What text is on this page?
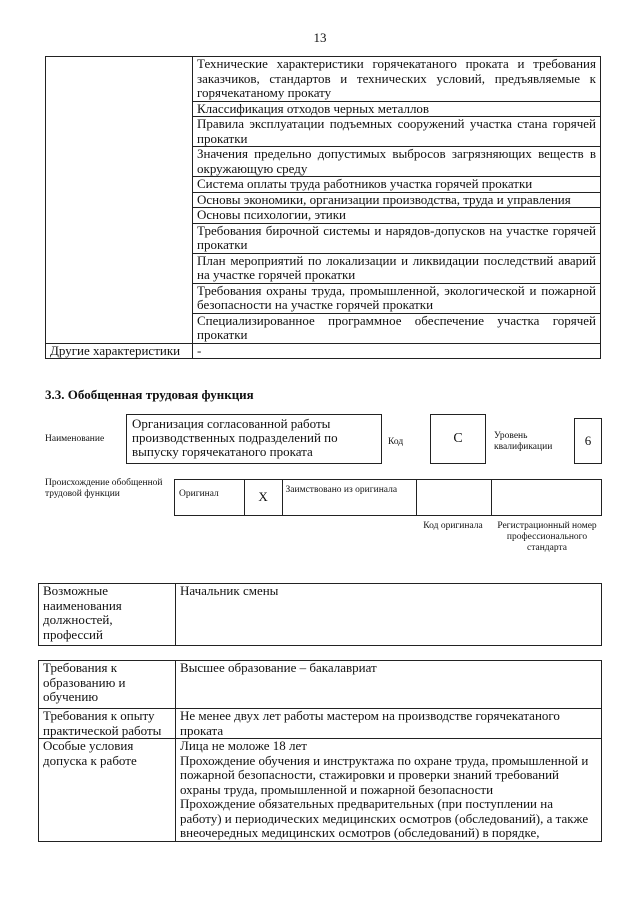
13
	Технические характеристики горячекатаного проката и требования заказчиков, стандартов и технических условий, предъявляемые к горячекатаному прокату
	Классификация отходов черных металлов
	Правила эксплуатации подъемных сооружений участка стана горячей прокатки
	Значения предельно допустимых выбросов загрязняющих веществ в окружающую среду
	Система оплаты труда работников участка горячей прокатки
	Основы экономики, организации производства, труда и управления
	Основы психологии, этики
	Требования бирочной системы и нарядов-допусков на участке горячей прокатки
	План мероприятий по локализации и ликвидации последствий аварий на участке горячей прокатки
	Требования охраны труда, промышленной, экологической и пожарной безопасности на участке горячей прокатки
	Специализированное программное обеспечение участка горячей прокатки
Другие характеристики	-
3.3. Обобщенная трудовая функция
Наименование
Организация согласованной работы производственных подразделений по выпуску горячекатаного проката
Код	C	Уровень квалификации	6
Происхождение обобщенной трудовой функции	Оригинал	X	Заимствовано из оригинала
Код оригинала	Регистрационный номер профессионального стандарта
Возможные наименования должностей, профессий	Начальник смены
Требования к образованию и обучению	Высшее образование – бакалавриат
Требования к опыту практической работы	Не менее двух лет работы мастером на производстве горячекатаного проката
Особые условия допуска к работе	Лица не моложе 18 лет
Прохождение обучения и инструктажа по охране труда, промышленной и пожарной безопасности, стажировки и проверки знаний требований охраны труда, промышленной и пожарной безопасности
Прохождение обязательных предварительных (при поступлении на работу) и периодических медицинских осмотров (обследований), а также внеочередных медицинских осмотров (обследований) в порядке,
